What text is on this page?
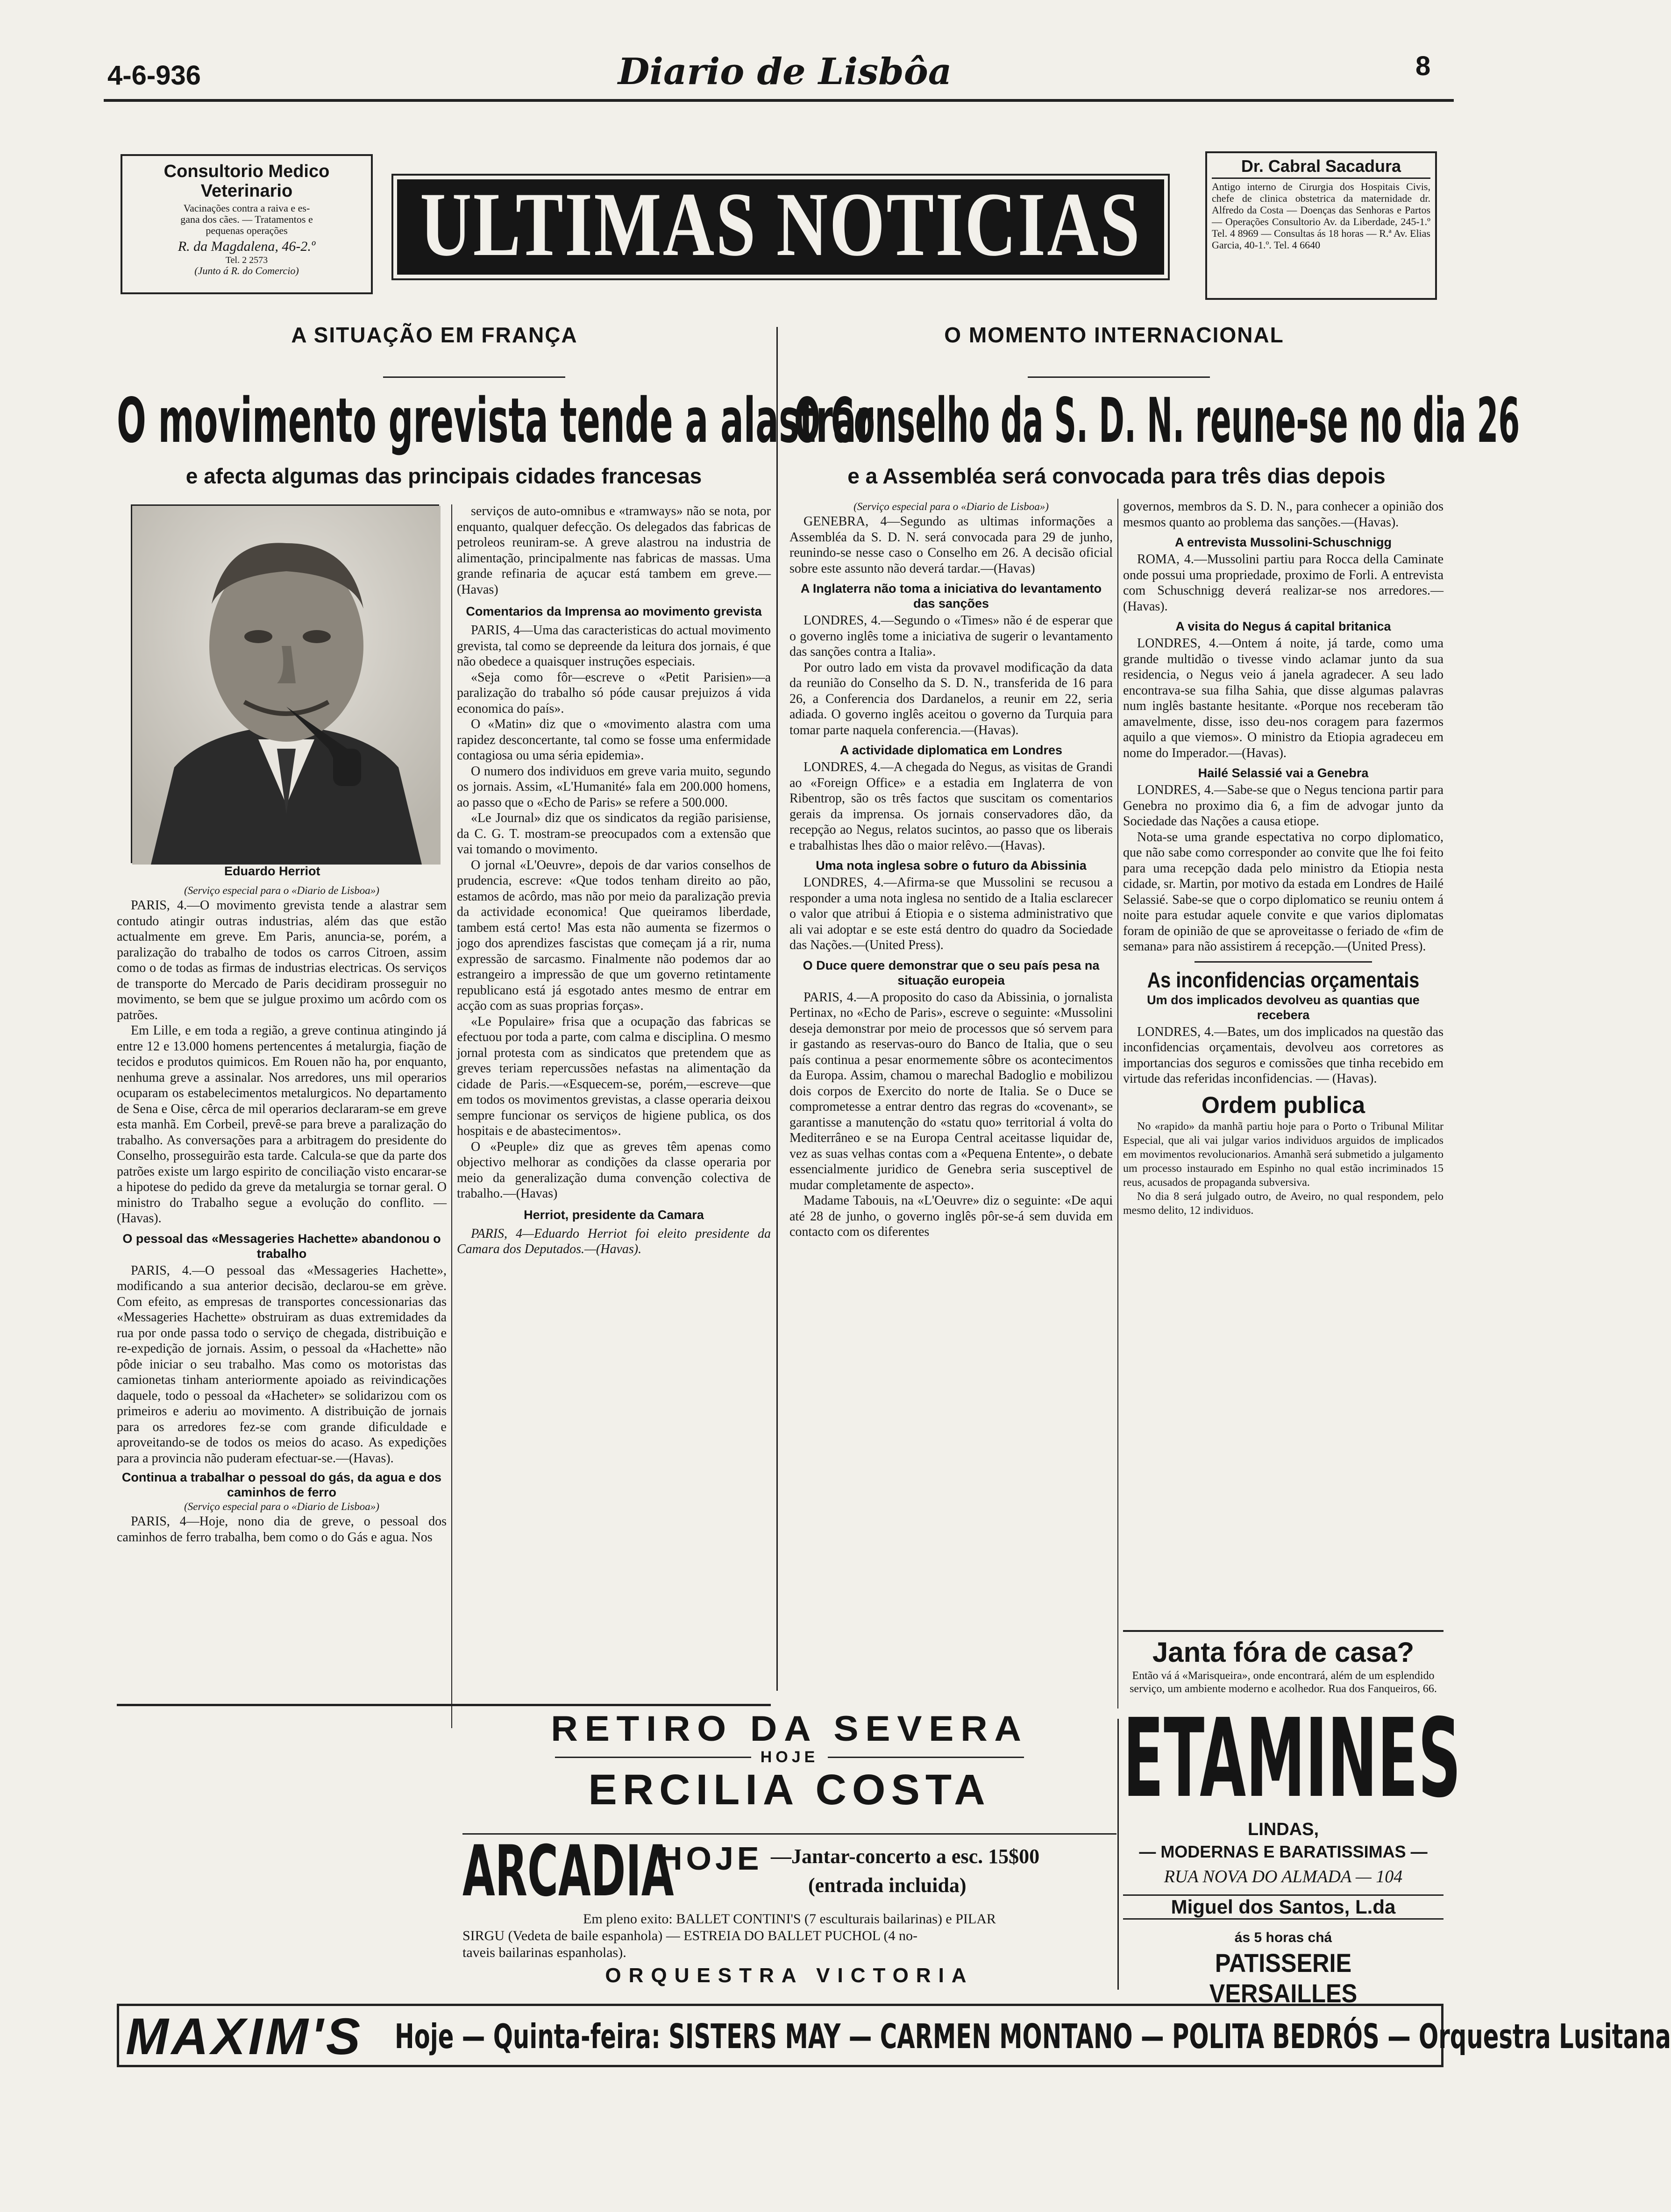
4-6-936	Diario de Lisbôa	8
Consultorio Medico
Veterinario
Vacinações contra a raiva e es-
gana dos cães. — Tratamentos e
pequenas operações
R. da Magdalena, 46-2.º
Tel. 2 2573
(Junto á R. do Comercio)	ULTIMAS NOTICIAS
Dr. Cabral Sacadura
Antigo interno de Cirurgia dos Hospitais Civis, chefe de clinica obstetrica da maternidade dr. Alfredo da Costa — Doenças das Senhoras e Partos — Operações Consultorio Av. da Liberdade, 245-1.º Tel. 4 8969 — Consultas ás 18 horas — R.ª Av. Elias Garcia, 40-1.º. Tel. 4 6640
A SITUAÇÃO EM FRANÇA	O MOMENTO INTERNACIONAL
O movimento grevista tende a alastrar
e afecta algumas das principais cidades francesas
O Conselho da S. D. N. reune-se no dia 26
e a Assembléa será convocada para três dias depois
Eduardo Herriot
(Serviço especial para o «Diario de Lisboa»)

PARIS, 4.—O movimento grevista tende a alastrar sem contudo atingir outras industrias, além das que estão actualmente em greve. Em Paris, anuncia-se, porém, a paralização do trabalho de todos os carros Citroen, assim como o de todas as firmas de industrias electricas. Os serviços de transporte do Mercado de Paris decidiram prosseguir no movimento, se bem que se julgue proximo um acôrdo com os patrões.

Em Lille, e em toda a região, a greve continua atingindo já entre 12 e 13.000 homens pertencentes á metalurgia, fiação de tecidos e produtos quimicos. Em Rouen não ha, por enquanto, nenhuma greve a assinalar. Nos arredores, uns mil operarios ocuparam os estabelecimentos metalurgicos. No departamento de Sena e Oise, cêrca de mil operarios declararam-se em greve esta manhã. Em Corbeil, prevê-se para breve a paralização do trabalho. As conversações para a arbitragem do presidente do Conselho, prosseguirão esta tarde. Calcula-se que da parte dos patrões existe um largo espirito de conciliação visto encarar-se a hipotese do pedido da greve da metalurgia se tornar geral. O ministro do Trabalho segue a evolução do conflito. — (Havas).

O pessoal das «Messageries Hachette» abandonou o trabalho

PARIS, 4.—O pessoal das «Messageries Hachette», modificando a sua anterior decisão, declarou-se em grève. Com efeito, as empresas de transportes concessionarias das «Messageries Hachette» obstruiram as duas extremidades da rua por onde passa todo o serviço de chegada, distribuição e re-expedição de jornais. Assim, o pessoal da «Hachette» não pôde iniciar o seu trabalho. Mas como os motoristas das camionetas tinham anteriormente apoiado as reivindicações daquele, todo o pessoal da «Hacheter» se solidarizou com os primeiros e aderiu ao movimento. A distribuição de jornais para os arredores fez-se com grande dificuldade e aproveitando-se de todos os meios do acaso. As expedições para a provincia não puderam efectuar-se.—(Havas).

Continua a trabalhar o pessoal do gás, da agua e dos caminhos de ferro
(Serviço especial para o «Diario de Lisboa»)

PARIS, 4—Hoje, nono dia de greve, o pessoal dos caminhos de ferro trabalha, bem como o do Gás e agua. Nos

serviços de auto-omnibus e «tramways» não se nota, por enquanto, qualquer defecção. Os delegados das fabricas de petroleos reuniram-se. A greve alastrou na industria de alimentação, principalmente nas fabricas de massas. Uma grande refinaria de açucar está tambem em greve.—(Havas)

Comentarios da Imprensa ao movimento grevista

PARIS, 4—Uma das caracteristicas do actual movimento grevista, tal como se depreende da leitura dos jornais, é que não obedece a quaisquer instruções especiais.

«Seja como fôr—escreve o «Petit Parisien»—a paralização do trabalho só póde causar prejuizos á vida economica do país».

O «Matin» diz que o «movimento alastra com uma rapidez desconcertante, tal como se fosse uma enfermidade contagiosa ou uma séria epidemia».

O numero dos individuos em greve varia muito, segundo os jornais. Assim, «L'Humanité» fala em 200.000 homens, ao passo que o «Echo de Paris» se refere a 500.000.

«Le Journal» diz que os sindicatos da região parisiense, da C. G. T. mostram-se preocupados com a extensão que vai tomando o movimento.

O jornal «L'Oeuvre», depois de dar varios conselhos de prudencia, escreve: «Que todos tenham direito ao pão, estamos de acôrdo, mas não por meio da paralização previa da actividade economica! Que queiramos liberdade, tambem está certo! Mas esta não aumenta se fizermos o jogo dos aprendizes fascistas que começam já a rir, numa expressão de sarcasmo. Finalmente não podemos dar ao estrangeiro a impressão de que um governo retintamente republicano está já esgotado antes mesmo de entrar em acção com as suas proprias forças».

«Le Populaire» frisa que a ocupação das fabricas se efectuou por toda a parte, com calma e disciplina. O mesmo jornal protesta com as sindicatos que pretendem que as greves teriam repercussões nefastas na alimentação da cidade de Paris.—«Esquecem-se, porém,—escreve—que em todos os movimentos grevistas, a classe operaria deixou sempre funcionar os serviços de higiene publica, os dos hospitais e de abastecimentos».

O «Peuple» diz que as greves têm apenas como objectivo melhorar as condições da classe operaria por meio da generalização duma convenção colectiva de trabalho.—(Havas)

Herriot, presidente da Camara

PARIS, 4—Eduardo Herriot foi eleito presidente da Camara dos Deputados.—(Havas).

(Serviço especial para o «Diario de Lisboa»)

GENEBRA, 4—Segundo as ultimas informações a Assembléa da S. D. N. será convocada para 29 de junho, reunindo-se nesse caso o Conselho em 26. A decisão oficial sobre este assunto não deverá tardar.—(Havas)

A Inglaterra não toma a iniciativa do levantamento das sanções

LONDRES, 4.—Segundo o «Times» não é de esperar que o governo inglês tome a iniciativa de sugerir o levantamento das sanções contra a Italia».

Por outro lado em vista da provavel modificação da data da reunião do Conselho da S. D. N., transferida de 16 para 26, a Conferencia dos Dardanelos, a reunir em 22, seria adiada. O governo inglês aceitou o governo da Turquia para tomar parte naquela conferencia.—(Havas).

A actividade diplomatica em Londres

LONDRES, 4.—A chegada do Negus, as visitas de Grandi ao «Foreign Office» e a estadia em Inglaterra de von Ribentrop, são os três factos que suscitam os comentarios gerais da imprensa. Os jornais conservadores dão, da recepção ao Negus, relatos sucintos, ao passo que os liberais e trabalhistas lhes dão o maior relêvo.—(Havas).

Uma nota inglesa sobre o futuro da Abissinia

LONDRES, 4.—Afirma-se que Mussolini se recusou a responder a uma nota inglesa no sentido de a Italia esclarecer o valor que atribui á Etiopia e o sistema administrativo que ali vai adoptar e se este está dentro do quadro da Sociedade das Nações.—(United Press).

O Duce quere demonstrar que o seu país pesa na situação europeia

PARIS, 4.—A proposito do caso da Abissinia, o jornalista Pertinax, no «Echo de Paris», escreve o seguinte: «Mussolini deseja demonstrar por meio de processos que só servem para ir gastando as reservas-ouro do Banco de Italia, que o seu país continua a pesar enormemente sôbre os acontecimentos da Europa. Assim, chamou o marechal Badoglio e mobilizou dois corpos de Exercito do norte de Italia. Se o Duce se comprometesse a entrar dentro das regras do «covenant», se garantisse a manutenção do «statu quo» territorial á volta do Mediterrâneo e se na Europa Central aceitasse liquidar de, vez as suas velhas contas com a «Pequena Entente», o debate essencialmente juridico de Genebra seria susceptivel de mudar completamente de aspecto».

Madame Tabouis, na «L'Oeuvre» diz o seguinte: «De aqui até 28 de junho, o governo inglês pôr-se-á sem duvida em contacto com os diferentes

governos, membros da S. D. N., para conhecer a opinião dos mesmos quanto ao problema das sanções.—(Havas).

A entrevista Mussolini-Schuschnigg

ROMA, 4.—Mussolini partiu para Rocca della Caminate onde possui uma propriedade, proximo de Forli. A entrevista com Schuschnigg deverá realizar-se nos arredores.—(Havas).

A visita do Negus á capital britanica

LONDRES, 4.—Ontem á noite, já tarde, como uma grande multidão o tivesse vindo aclamar junto da sua residencia, o Negus veio á janela agradecer. A seu lado encontrava-se sua filha Sahia, que disse algumas palavras num inglês bastante hesitante. «Porque nos receberam tão amavelmente, disse, isso deu-nos coragem para fazermos aquilo a que viemos». O ministro da Etiopia agradeceu em nome do Imperador.—(Havas).

Hailé Selassié vai a Genebra

LONDRES, 4.—Sabe-se que o Negus tenciona partir para Genebra no proximo dia 6, a fim de advogar junto da Sociedade das Nações a causa etiope.

Nota-se uma grande espectativa no corpo diplomatico, que não sabe como corresponder ao convite que lhe foi feito para uma recepção dada pelo ministro da Etiopia nesta cidade, sr. Martin, por motivo da estada em Londres de Hailé Selassié. Sabe-se que o corpo diplomatico se reuniu ontem á noite para estudar aquele convite e que varios diplomatas foram de opinião de que se aproveitasse o feriado de «fim de semana» para não assistirem á recepção.—(United Press).

As inconfidencias orçamentais
Um dos implicados devolveu as quantias que recebera

LONDRES, 4.—Bates, um dos implicados na questão das inconfidencias orçamentais, devolveu aos corretores as importancias dos seguros e comissões que tinha recebido em virtude das referidas inconfidencias. — (Havas).

Ordem publica

No «rapido» da manhã partiu hoje para o Porto o Tribunal Militar Especial, que ali vai julgar varios individuos arguidos de implicados em movimentos revolucionarios. Amanhã será submetido a julgamento um processo instaurado em Espinho no qual estão incriminados 15 reus, acusados de propaganda subversiva.

No dia 8 será julgado outro, de Aveiro, no qual respondem, pelo mesmo delito, 12 individuos.

RETIRO DA SEVERA
HOJE
ERCILIA COSTA
ARCADIA
HOJE —Jantar-concerto a esc. 15$00
(entrada incluida)
Em pleno exito: BALLET CONTINI'S (7 esculturais bailarinas) e PILAR
SIRGU (Vedeta de baile espanhola) — ESTREIA DO BALLET PUCHOL (4 no-
taveis bailarinas espanholas).
ORQUESTRA VICTORIA
Janta fóra de casa?
Então vá á «Marisqueira», onde encontrará, além de um esplendido serviço, um ambiente moderno e acolhedor. Rua dos Fanqueiros, 66.
ETAMINES
LINDAS,
— MODERNAS E BARATISSIMAS —
RUA NOVA DO ALMADA — 104
Miguel dos Santos, L.da
ás 5 horas chá
PATISSERIE VERSAILLES
MAXIM'S Hoje — Quinta-feira: SISTERS MAY — CARMEN MONTANO — POLITA BEDRÓS — Orquestra Lusitana
